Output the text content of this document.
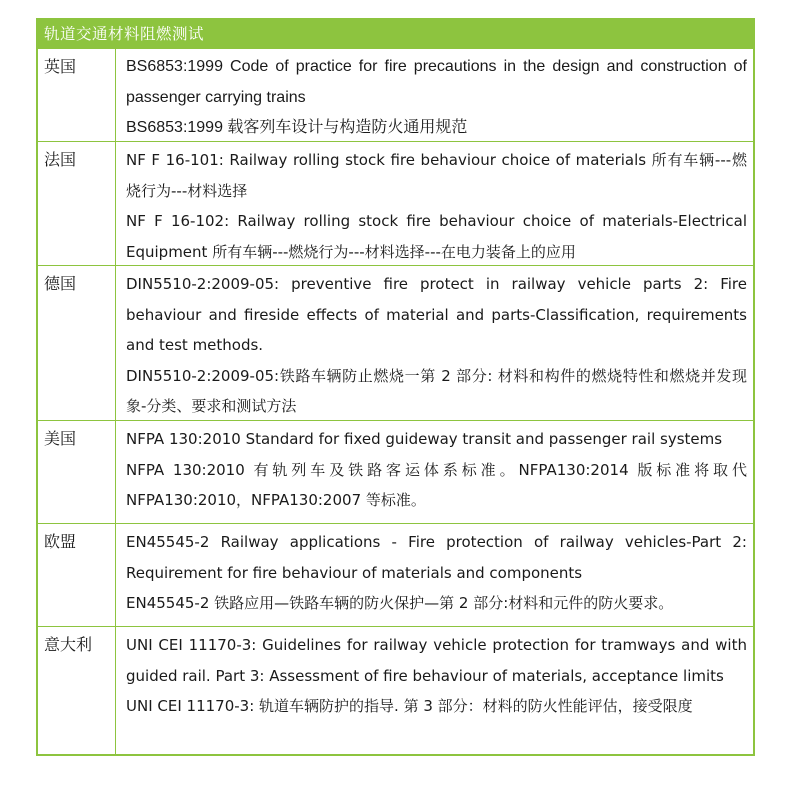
轨道交通材料阻燃测试
英国	BS6853:1999 Code of practice for fire precautions in the design and construction of passenger carrying trains

BS6853:1999 载客列车设计与构造防火通用规范

法国	NF F 16-101: Railway rolling stock fire behaviour choice of materials 所有车辆---燃烧行为---材料选择

NF F 16-102: Railway rolling stock fire behaviour choice of materials-Electrical Equipment 所有车辆---燃烧行为---材料选择---在电力装备上的应用

德国	DIN5510-2:2009-05: preventive fire protect in railway vehicle parts 2: Fire behaviour and fireside effects of material and parts-Classification, requirements and test methods.

DIN5510-2:2009-05:铁路车辆防止燃烧一第 2 部分: 材料和构件的燃烧特性和燃烧并发现象-分类、要求和测试方法

美国	NFPA 130:2010 Standard for fixed guideway transit and passenger rail systems

NFPA 130:2010 有轨列车及铁路客运体系标准。NFPA130:2014 版标准将取代NFPA130:2010，NFPA130:2007 等标准。

欧盟	EN45545-2 Railway applications - Fire protection of railway vehicles-Part 2: Requirement for fire behaviour of materials and components

EN45545-2 铁路应用—铁路车辆的防火保护—第 2 部分:材料和元件的防火要求。

意大利	UNI CEI 11170-3: Guidelines for railway vehicle protection for tramways and with guided rail. Part 3: Assessment of fire behaviour of materials, acceptance limits

UNI CEI 11170-3: 轨道车辆防护的指导. 第 3 部分：材料的防火性能评估，接受限度
